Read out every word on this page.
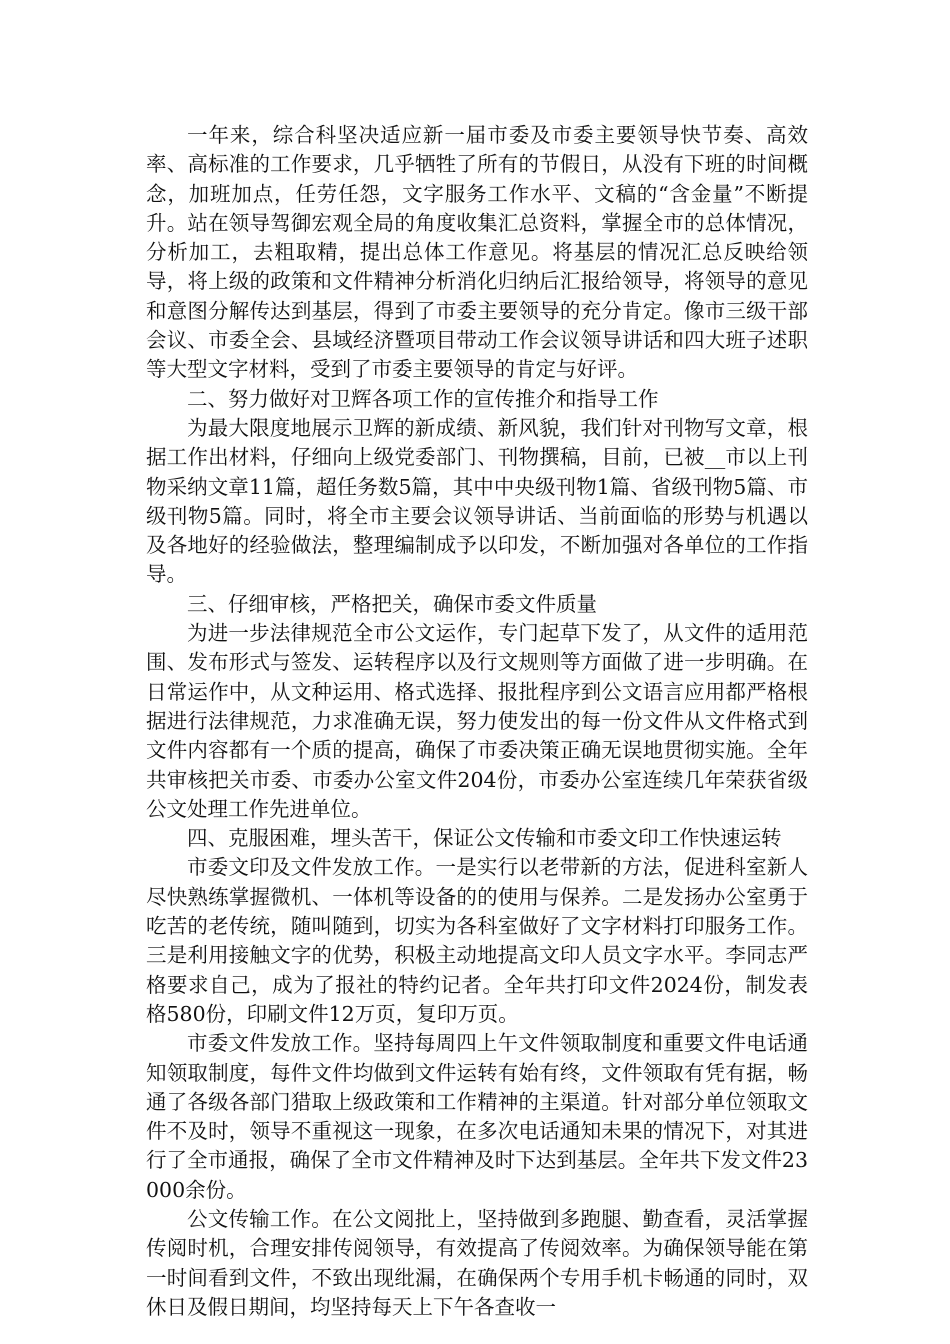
一年来，综合科坚决适应新一届市委及市委主要领导快节奏、高效率、高标准的工作要求，几乎牺牲了所有的节假日，从没有下班的时间概念，加班加点，任劳任怨，文字服务工作水平、文稿的“含金量”不断提升。站在领导驾御宏观全局的角度收集汇总资料，掌握全市的总体情况，分析加工，去粗取精，提出总体工作意见。将基层的情况汇总反映给领导，将上级的政策和文件精神分析消化归纳后汇报给领导，将领导的意见和意图分解传达到基层，得到了市委主要领导的充分肯定。像市三级干部会议、市委全会、县域经济暨项目带动工作会议领导讲话和四大班子述职等大型文字材料，受到了市委主要领导的肯定与好评。

二、努力做好对卫辉各项工作的宣传推介和指导工作

为最大限度地展示卫辉的新成绩、新风貌，我们针对刊物写文章，根据工作出材料，仔细向上级党委部门、刊物撰稿，目前，已被__市以上刊物采纳文章11篇，超任务数5篇，其中中央级刊物1篇、省级刊物5篇、市级刊物5篇。同时，将全市主要会议领导讲话、当前面临的形势与机遇以及各地好的经验做法，整理编制成予以印发，不断加强对各单位的工作指导。

三、仔细审核，严格把关，确保市委文件质量

为进一步法律规范全市公文运作，专门起草下发了，从文件的适用范围、发布形式与签发、运转程序以及行文规则等方面做了进一步明确。在日常运作中，从文种运用、格式选择、报批程序到公文语言应用都严格根据进行法律规范，力求准确无误，努力使发出的每一份文件从文件格式到文件内容都有一个质的提高，确保了市委决策正确无误地贯彻实施。全年共审核把关市委、市委办公室文件204份，市委办公室连续几年荣获省级公文处理工作先进单位。

四、克服困难，埋头苦干，保证公文传输和市委文印工作快速运转

市委文印及文件发放工作。一是实行以老带新的方法，促进科室新人尽快熟练掌握微机、一体机等设备的的使用与保养。二是发扬办公室勇于吃苦的老传统，随叫随到，切实为各科室做好了文字材料打印服务工作。三是利用接触文字的优势，积极主动地提高文印人员文字水平。李同志严格要求自己，成为了报社的特约记者。全年共打印文件2024份，制发表格580份，印刷文件12万页，复印万页。

市委文件发放工作。坚持每周四上午文件领取制度和重要文件电话通知领取制度，每件文件均做到文件运转有始有终，文件领取有凭有据，畅通了各级各部门猎取上级政策和工作精神的主渠道。针对部分单位领取文件不及时，领导不重视这一现象，在多次电话通知未果的情况下，对其进行了全市通报，确保了全市文件精神及时下达到基层。全年共下发文件23000余份。

公文传输工作。在公文阅批上，坚持做到多跑腿、勤查看，灵活掌握传阅时机，合理安排传阅领导，有效提高了传阅效率。为确保领导能在第一时间看到文件，不致出现纰漏，在确保两个专用手机卡畅通的同时，双休日及假日期间，均坚持每天上下午各查收一
